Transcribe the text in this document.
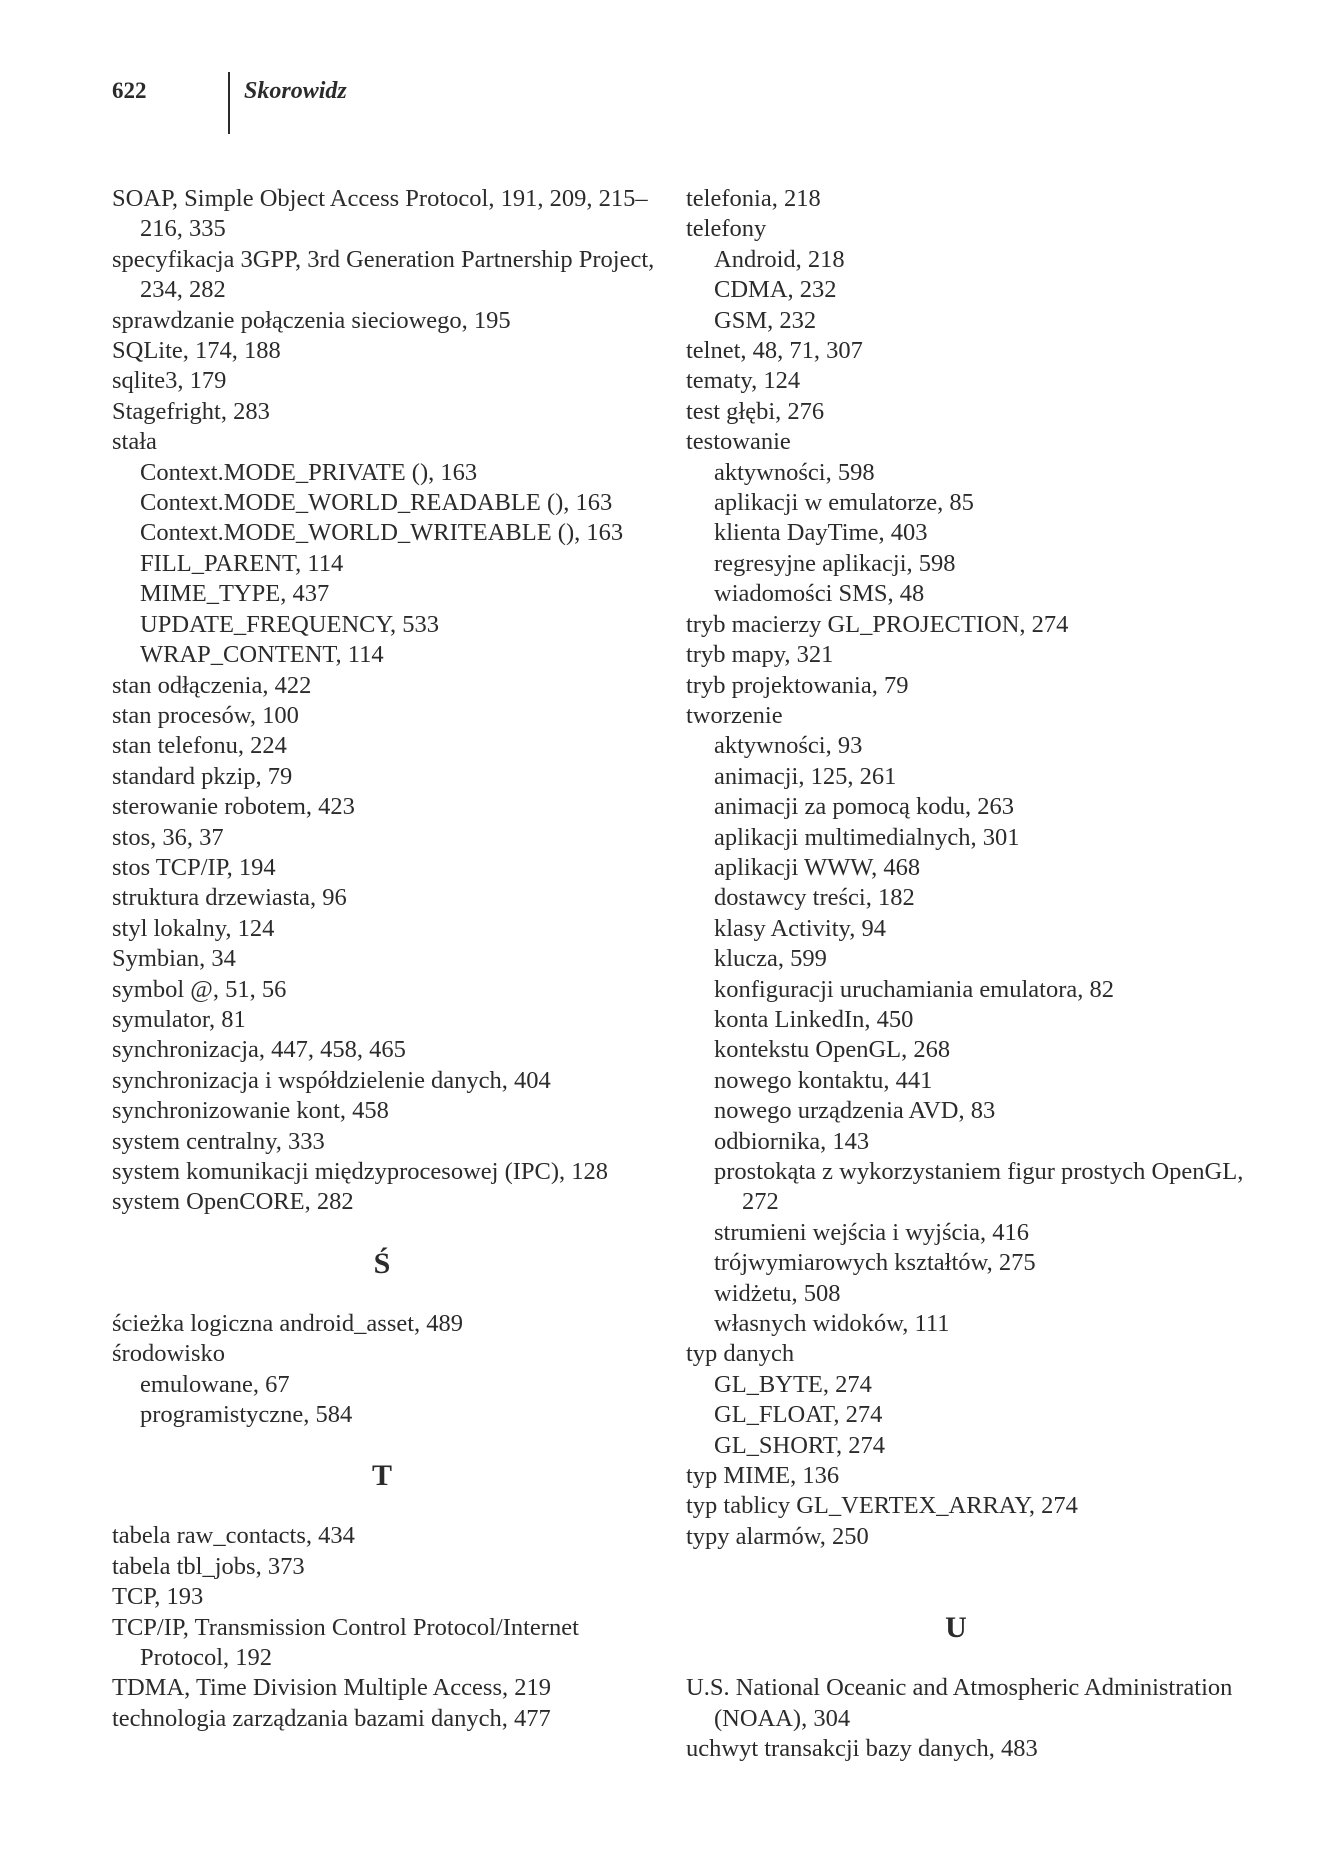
622	Skorowidz
SOAP, Simple Object Access Protocol, 191, 209, 215–216, 335
specyfikacja 3GPP, 3rd Generation Partnership Project, 234, 282
sprawdzanie połączenia sieciowego, 195
SQLite, 174, 188
sqlite3, 179
Stagefright, 283
stała
Context.MODE_PRIVATE (), 163
Context.MODE_WORLD_READABLE (), 163
Context.MODE_WORLD_WRITEABLE (), 163
FILL_PARENT, 114
MIME_TYPE, 437
UPDATE_FREQUENCY, 533
WRAP_CONTENT, 114
stan odłączenia, 422
stan procesów, 100
stan telefonu, 224
standard pkzip, 79
sterowanie robotem, 423
stos, 36, 37
stos TCP/IP, 194
struktura drzewiasta, 96
styl lokalny, 124
Symbian, 34
symbol @, 51, 56
symulator, 81
synchronizacja, 447, 458, 465
synchronizacja i współdzielenie danych, 404
synchronizowanie kont, 458
system centralny, 333
system komunikacji międzyprocesowej (IPC), 128
system OpenCORE, 282
Ś
ścieżka logiczna android_asset, 489
środowisko
emulowane, 67
programistyczne, 584
T
tabela raw_contacts, 434
tabela tbl_jobs, 373
TCP, 193
TCP/IP, Transmission Control Protocol/Internet Protocol, 192
TDMA, Time Division Multiple Access, 219
technologia zarządzania bazami danych, 477
telefonia, 218
telefony
Android, 218
CDMA, 232
GSM, 232
telnet, 48, 71, 307
tematy, 124
test głębi, 276
testowanie
aktywności, 598
aplikacji w emulatorze, 85
klienta DayTime, 403
regresyjne aplikacji, 598
wiadomości SMS, 48
tryb macierzy GL_PROJECTION, 274
tryb mapy, 321
tryb projektowania, 79
tworzenie
aktywności, 93
animacji, 125, 261
animacji za pomocą kodu, 263
aplikacji multimedialnych, 301
aplikacji WWW, 468
dostawcy treści, 182
klasy Activity, 94
klucza, 599
konfiguracji uruchamiania emulatora, 82
konta LinkedIn, 450
kontekstu OpenGL, 268
nowego kontaktu, 441
nowego urządzenia AVD, 83
odbiornika, 143
prostokąta z wykorzystaniem figur prostych OpenGL, 272
strumieni wejścia i wyjścia, 416
trójwymiarowych kształtów, 275
widżetu, 508
własnych widoków, 111
typ danych
GL_BYTE, 274
GL_FLOAT, 274
GL_SHORT, 274
typ MIME, 136
typ tablicy GL_VERTEX_ARRAY, 274
typy alarmów, 250
U
U.S. National Oceanic and Atmospheric Administration (NOAA), 304
uchwyt transakcji bazy danych, 483
